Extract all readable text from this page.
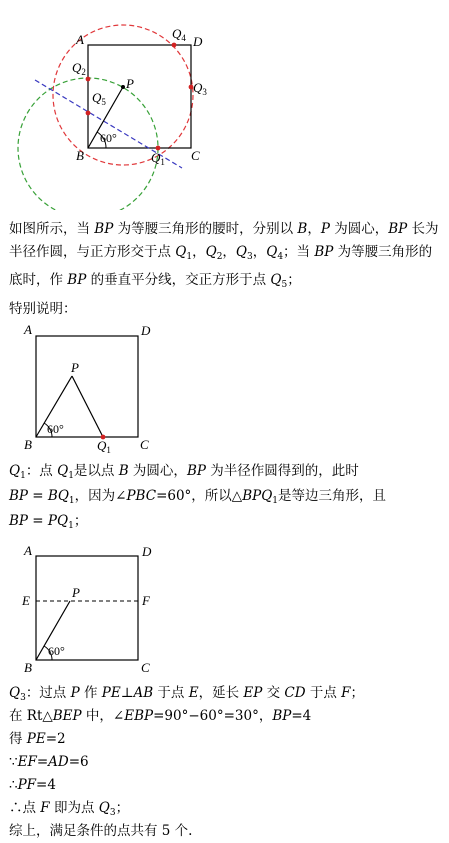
A	D
B	C
P
60°
$Q_4$
$Q_2$
$Q_3$
$Q_5$
$Q_1$

如图所示，当 BP 为等腰三角形的腰时，分别以 B，P 为圆心，BP 长为半径作圆，与正方形交于点 $Q_1$，$Q_2$，$Q_3$，$Q_4$；当 BP 为等腰三角形的底时，作 BP 的垂直平分线，交正方形于点 $Q_5$；

特别说明：
A	D
B	C
P
60°
$Q_1$
$Q_1$：点 $Q_1$是以点 B 为圆心，BP 为半径作圆得到的，此时
BP = $BQ_1$，因为∠PBC=60°，所以$\triangle BPQ_1$是等边三角形，且
BP = $PQ_1$；
A	D
E	F
P
B	C
60°
$Q_3$：过点 P 作 PE⊥AB 于点 E，延长 EP 交 CD 于点 F；
在 Rt△BEP 中，∠EBP=90°−60°=30°，BP=4
得 PE=2
∵EF=AD=6
∴PF=4
∴点 F 即为点 $Q_3$；
综上，满足条件的点共有 5 个.
